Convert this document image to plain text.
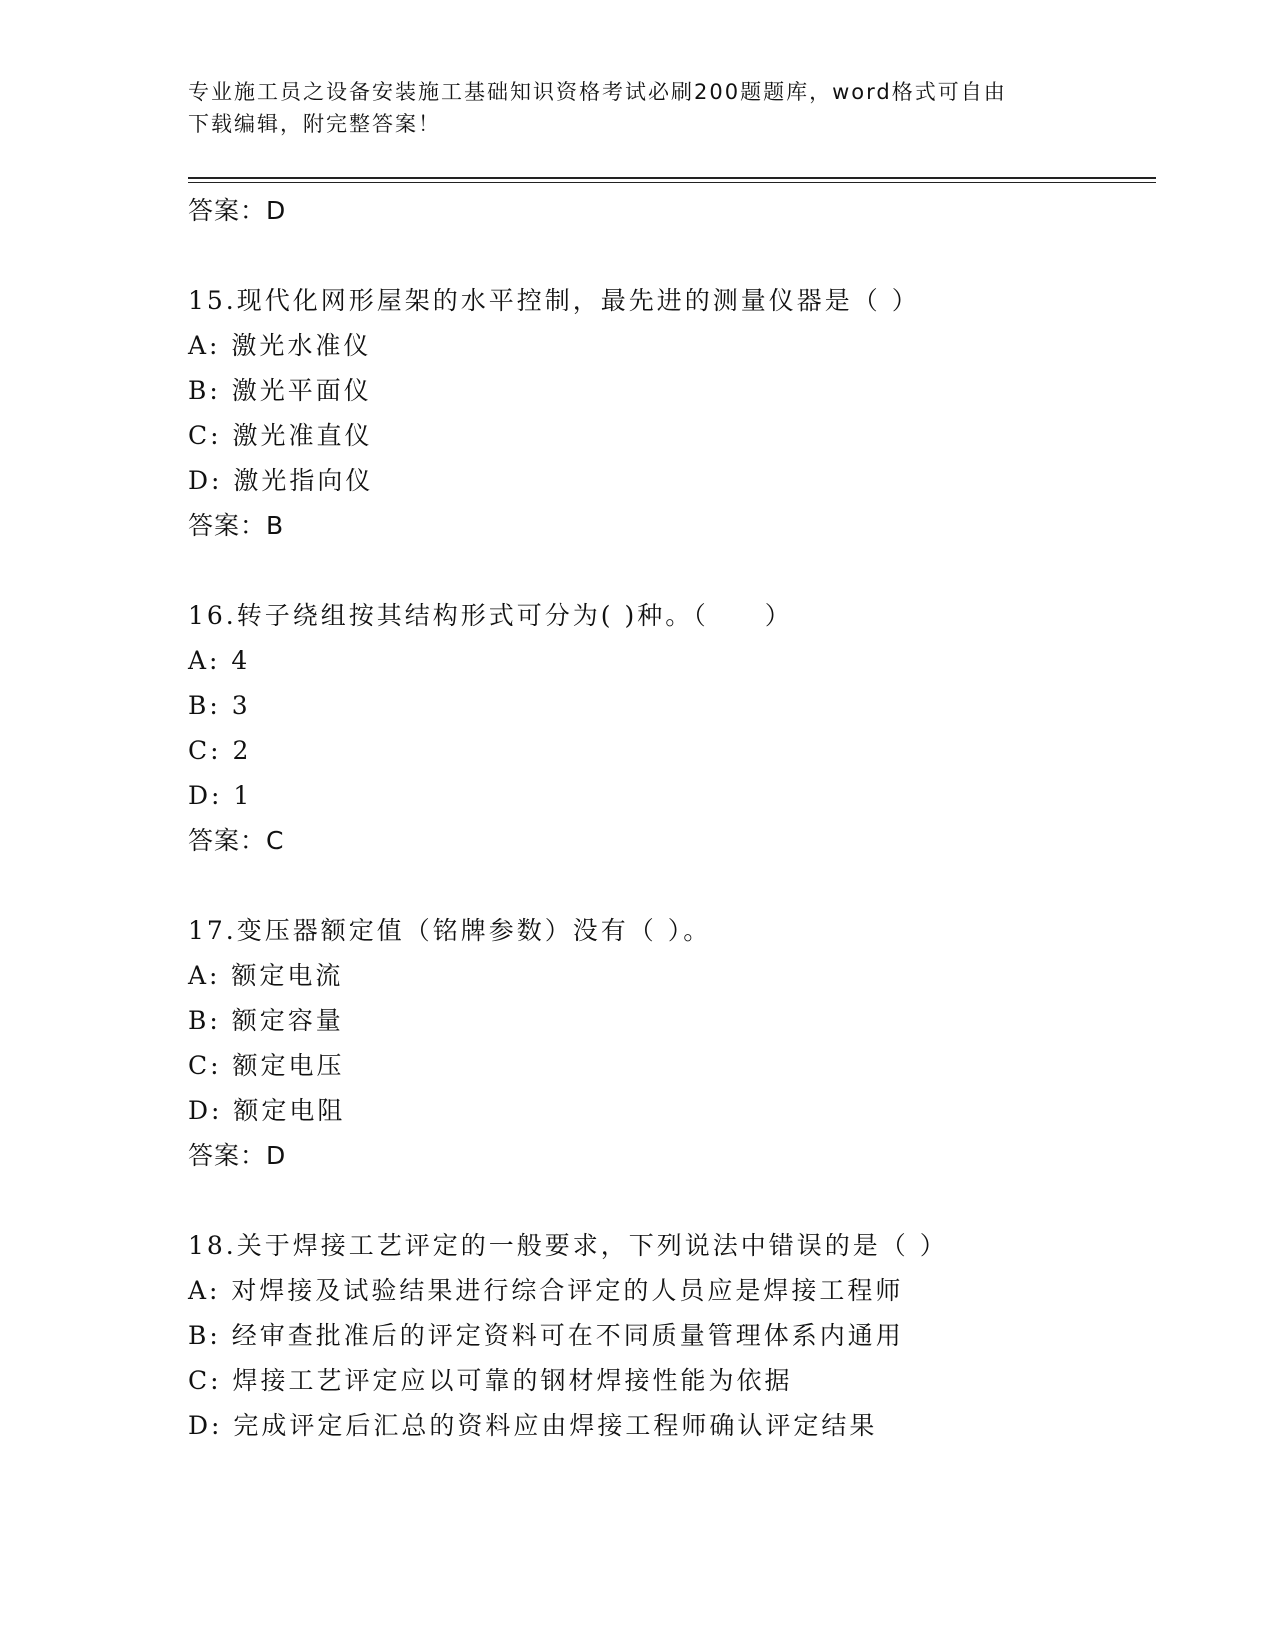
专业施工员之设备安装施工基础知识资格考试必刷200题题库，word格式可自由
下载编辑，附完整答案！
答案：D
15.现代化网形屋架的水平控制，最先进的测量仪器是（ ）
A: 激光水准仪
B: 激光平面仪
C: 激光准直仪
D: 激光指向仪
答案：B
16.转子绕组按其结构形式可分为( )种。（　　）
A: 4
B: 3
C: 2
D: 1
答案：C
17.变压器额定值（铭牌参数）没有（ ）。
A: 额定电流
B: 额定容量
C: 额定电压
D: 额定电阻
答案：D
18.关于焊接工艺评定的一般要求，下列说法中错误的是（ ）
A: 对焊接及试验结果进行综合评定的人员应是焊接工程师
B: 经审查批准后的评定资料可在不同质量管理体系内通用
C: 焊接工艺评定应以可靠的钢材焊接性能为依据
D: 完成评定后汇总的资料应由焊接工程师确认评定结果
